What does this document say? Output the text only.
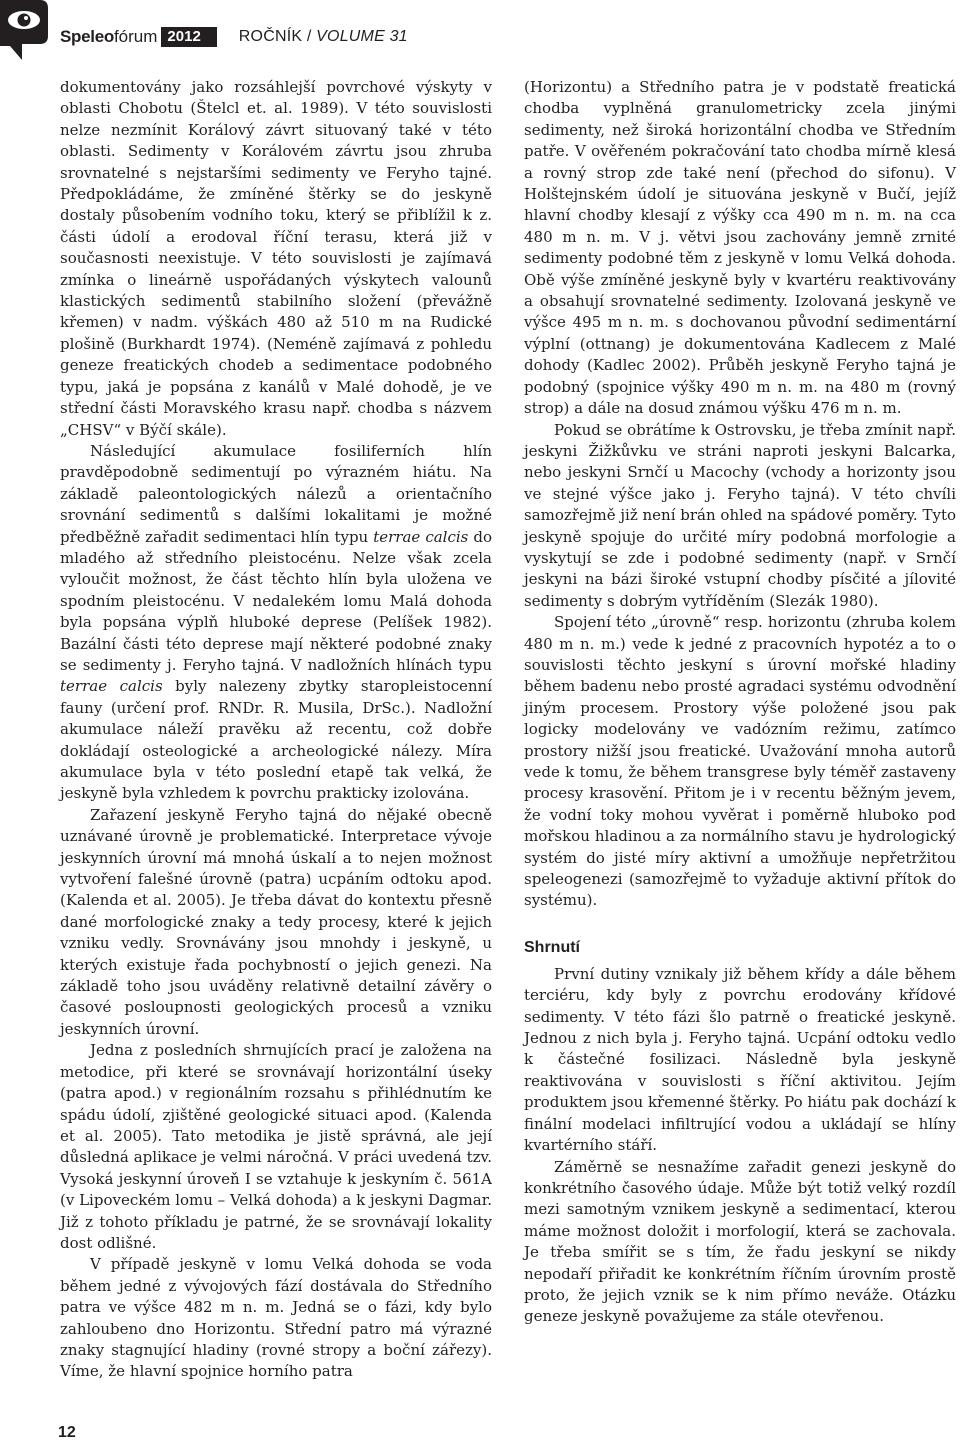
Speleo fórum 2012	ROČNÍK / VOLUME 31

dokumentovány jako rozsáhlejší povrchové výskyty v oblasti Chobotu (Štelcl et. al. 1989). V této souvislosti nelze nezmínit Korálový závrt situovaný také v této oblasti. Sedimenty v Korálovém závrtu jsou zhruba srovnatelné s nejstaršími sedimenty ve Feryho tajné. Předpokládáme, že zmíněné štěrky se do jeskyně dostaly působením vodního toku, který se přiblížil k z. části údolí a erodoval říční terasu, která již v současnosti neexistuje. V této souvislosti je zajímavá zmínka o lineárně uspořádaných výskytech valounů klastických sedimentů stabilního složení (převážně křemen) v nadm. výškách 480 až 510 m na Rudické plošině (Burkhardt 1974). (Neméně zajímavá z pohledu geneze freatických chodeb a sedimentace podobného typu, jaká je popsána z kanálů v Malé dohodě, je ve střední části Moravského krasu např. chodba s názvem „CHSV“ v Býčí skále).

Následující akumulace fosiliferních hlín pravděpodobně sedimentují po výrazném hiátu. Na základě paleontologických nálezů a orientačního srovnání sedimentů s dalšími lokalitami je možné předběžně zařadit sedimentaci hlín typu terrae calcis do mladého až středního pleistocénu. Nelze však zcela vyloučit možnost, že část těchto hlín byla uložena ve spodním pleistocénu. V nedalekém lomu Malá dohoda byla popsána výplň hluboké deprese (Pelíšek 1982). Bazální části této deprese mají některé podobné znaky se sedimenty j. Feryho tajná. V nadložních hlínách typu terrae calcis byly nalezeny zbytky staropleistocenní fauny (určení prof. RNDr. R. Musila, DrSc.). Nadložní akumulace náleží pravěku až recentu, což dobře dokládají osteologické a archeologické nálezy. Míra akumulace byla v této poslední etapě tak velká, že jeskyně byla vzhledem k povrchu prakticky izolována.

Zařazení jeskyně Feryho tajná do nějaké obecně uznávané úrovně je problematické. Interpretace vývoje jeskynních úrovní má mnohá úskalí a to nejen možnost vytvoření falešné úrovně (patra) ucpáním odtoku apod. (Kalenda et al. 2005). Je třeba dávat do kontextu přesně dané morfologické znaky a tedy procesy, které k jejich vzniku vedly. Srovnávány jsou mnohdy i jeskyně, u kterých existuje řada pochybností o jejich genezi. Na základě toho jsou uváděny relativně detailní závěry o časové posloupnosti geologických procesů a vzniku jeskynních úrovní.

Jedna z posledních shrnujících prací je založena na metodice, při které se srovnávají horizontální úseky (patra apod.) v regionálním rozsahu s přihlédnutím ke spádu údolí, zjištěné geologické situaci apod. (Kalenda et al. 2005). Tato metodika je jistě správná, ale její důsledná aplikace je velmi náročná. V práci uvedená tzv. Vysoká jeskynní úroveň I se vztahuje k jeskyním č. 561A (v Lipoveckém lomu – Velká dohoda) a k jeskyni Dagmar. Již z tohoto příkladu je patrné, že se srovnávají lokality dost odlišné.

V případě jeskyně v lomu Velká dohoda se voda během jedné z vývojových fází dostávala do Středního patra ve výšce 482 m n. m. Jedná se o fázi, kdy bylo zahloubeno dno Horizontu. Střední patro má výrazné znaky stagnující hladiny (rovné stropy a boční zářezy). Víme, že hlavní spojnice horního patra

(Horizontu) a Středního patra je v podstatě freatická chodba vyplněná granulometricky zcela jinými sedimenty, než široká horizontální chodba ve Středním patře. V ověřeném pokračování tato chodba mírně klesá a rovný strop zde také není (přechod do sifonu). V Holštejnském údolí je situována jeskyně v Bučí, jejíž hlavní chodby klesají z výšky cca 490 m n. m. na cca 480 m n. m. V j. větvi jsou zachovány jemně zrnité sedimenty podobné těm z jeskyně v lomu Velká dohoda. Obě výše zmíněné jeskyně byly v kvartéru reaktivovány a obsahují srovnatelné sedimenty. Izolovaná jeskyně ve výšce 495 m n. m. s dochovanou původní sedimentární výplní (ottnang) je dokumentována Kadlecem z Malé dohody (Kadlec 2002). Průběh jeskyně Feryho tajná je podobný (spojnice výšky 490 m n. m. na 480 m (rovný strop) a dále na dosud známou výšku 476 m n. m.

Pokud se obrátíme k Ostrovsku, je třeba zmínit např. jeskyni Žižkůvku ve stráni naproti jeskyni Balcarka, nebo jeskyni Srnčí u Macochy (vchody a horizonty jsou ve stejné výšce jako j. Feryho tajná). V této chvíli samozřejmě již není brán ohled na spádové poměry. Tyto jeskyně spojuje do určité míry podobná morfologie a vyskytují se zde i podobné sedimenty (např. v Srnčí jeskyni na bázi široké vstupní chodby písčité a jílovité sedimenty s dobrým vytříděním (Slezák 1980).

Spojení této „úrovně“ resp. horizontu (zhruba kolem 480 m n. m.) vede k jedné z pracovních hypotéz a to o souvislosti těchto jeskyní s úrovní mořské hladiny během badenu nebo prosté agradaci systému odvodnění jiným procesem. Prostory výše položené jsou pak logicky modelovány ve vadózním režimu, zatímco prostory nižší jsou freatické. Uvažování mnoha autorů vede k tomu, že během transgrese byly téměř zastaveny procesy krasovění. Přitom je i v recentu běžným jevem, že vodní toky mohou vyvěrat i poměrně hluboko pod mořskou hladinou a za normálního stavu je hydrologický systém do jisté míry aktivní a umožňuje nepřetržitou speleogenezi (samozřejmě to vyžaduje aktivní přítok do systému).

Shrnutí

První dutiny vznikaly již během křídy a dále během terciéru, kdy byly z povrchu erodovány křídové sedimenty. V této fázi šlo patrně o freatické jeskyně. Jednou z nich byla j. Feryho tajná. Ucpání odtoku vedlo k částečné fosilizaci. Následně byla jeskyně reaktivována v souvislosti s říční aktivitou. Jejím produktem jsou křemenné štěrky. Po hiátu pak dochází k finální modelaci infiltrující vodou a ukládají se hlíny kvartérního stáří.

Záměrně se nesnažíme zařadit genezi jeskyně do konkrétního časového údaje. Může být totiž velký rozdíl mezi samotným vznikem jeskyně a sedimentací, kterou máme možnost doložit i morfologií, která se zachovala. Je třeba smířit se s tím, že řadu jeskyní se nikdy nepodaří přiřadit ke konkrétním říčním úrovním prostě proto, že jejich vznik se k nim přímo neváže. Otázku geneze jeskyně považujeme za stále otevřenou.

12
